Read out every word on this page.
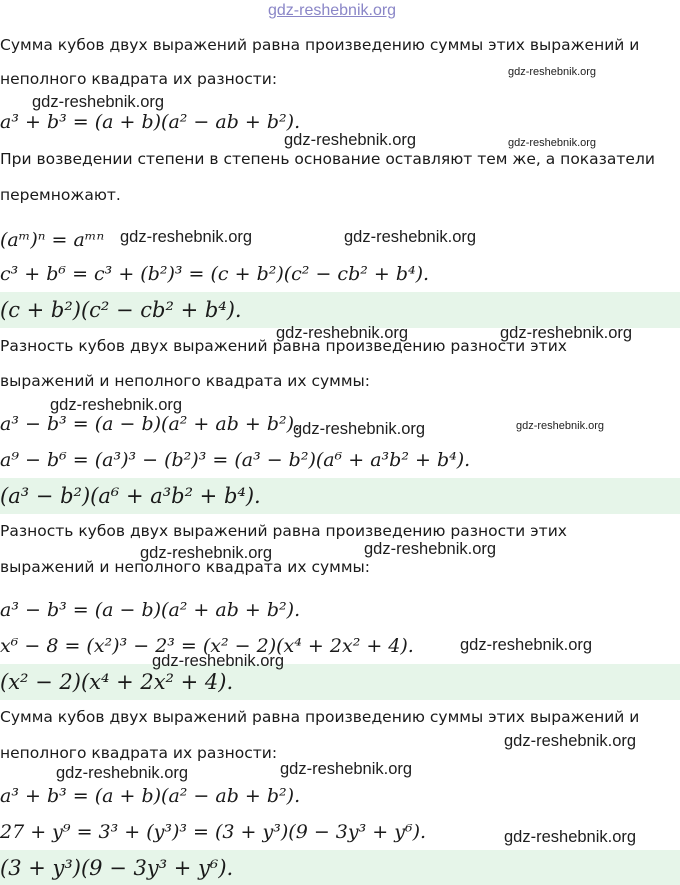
gdz-reshebnik.org
Сумма кубов двух выражений равна произведению суммы этих выражений и
неполного квадрата их разности:
a³ + b³ = (a + b)(a² − ab + b²).
При возведении степени в степень основание оставляют тем же, а показатели
перемножают.
(aᵐ)ⁿ = aᵐⁿ
c³ + b⁶ = c³ + (b²)³ = (c + b²)(c² − cb² + b⁴).
(c + b²)(c² − cb² + b⁴).
Разность кубов двух выражений равна произведению разности этих
выражений и неполного квадрата их суммы:
a³ − b³ = (a − b)(a² + ab + b²).
a⁹ − b⁶ = (a³)³ − (b²)³ = (a³ − b²)(a⁶ + a³b² + b⁴).
(a³ − b²)(a⁶ + a³b² + b⁴).
Разность кубов двух выражений равна произведению разности этих
выражений и неполного квадрата их суммы:
a³ − b³ = (a − b)(a² + ab + b²).
x⁶ − 8 = (x²)³ − 2³ = (x² − 2)(x⁴ + 2x² + 4).
(x² − 2)(x⁴ + 2x² + 4).
Сумма кубов двух выражений равна произведению суммы этих выражений и
неполного квадрата их разности:
a³ + b³ = (a + b)(a² − ab + b²).
27 + y⁹ = 3³ + (y³)³ = (3 + y³)(9 − 3y³ + y⁶).
(3 + y³)(9 − 3y³ + y⁶).
gdz-reshebnik.org
gdz-reshebnik.org
gdz-reshebnik.org	gdz-reshebnik.org
gdz-reshebnik.org	gdz-reshebnik.org
gdz-reshebnik.org	gdz-reshebnik.org
gdz-reshebnik.org
gdz-reshebnik.org	gdz-reshebnik.org
gdz-reshebnik.org	gdz-reshebnik.org
gdz-reshebnik.org
gdz-reshebnik.org
gdz-reshebnik.org
gdz-reshebnik.org	gdz-reshebnik.org
gdz-reshebnik.org
